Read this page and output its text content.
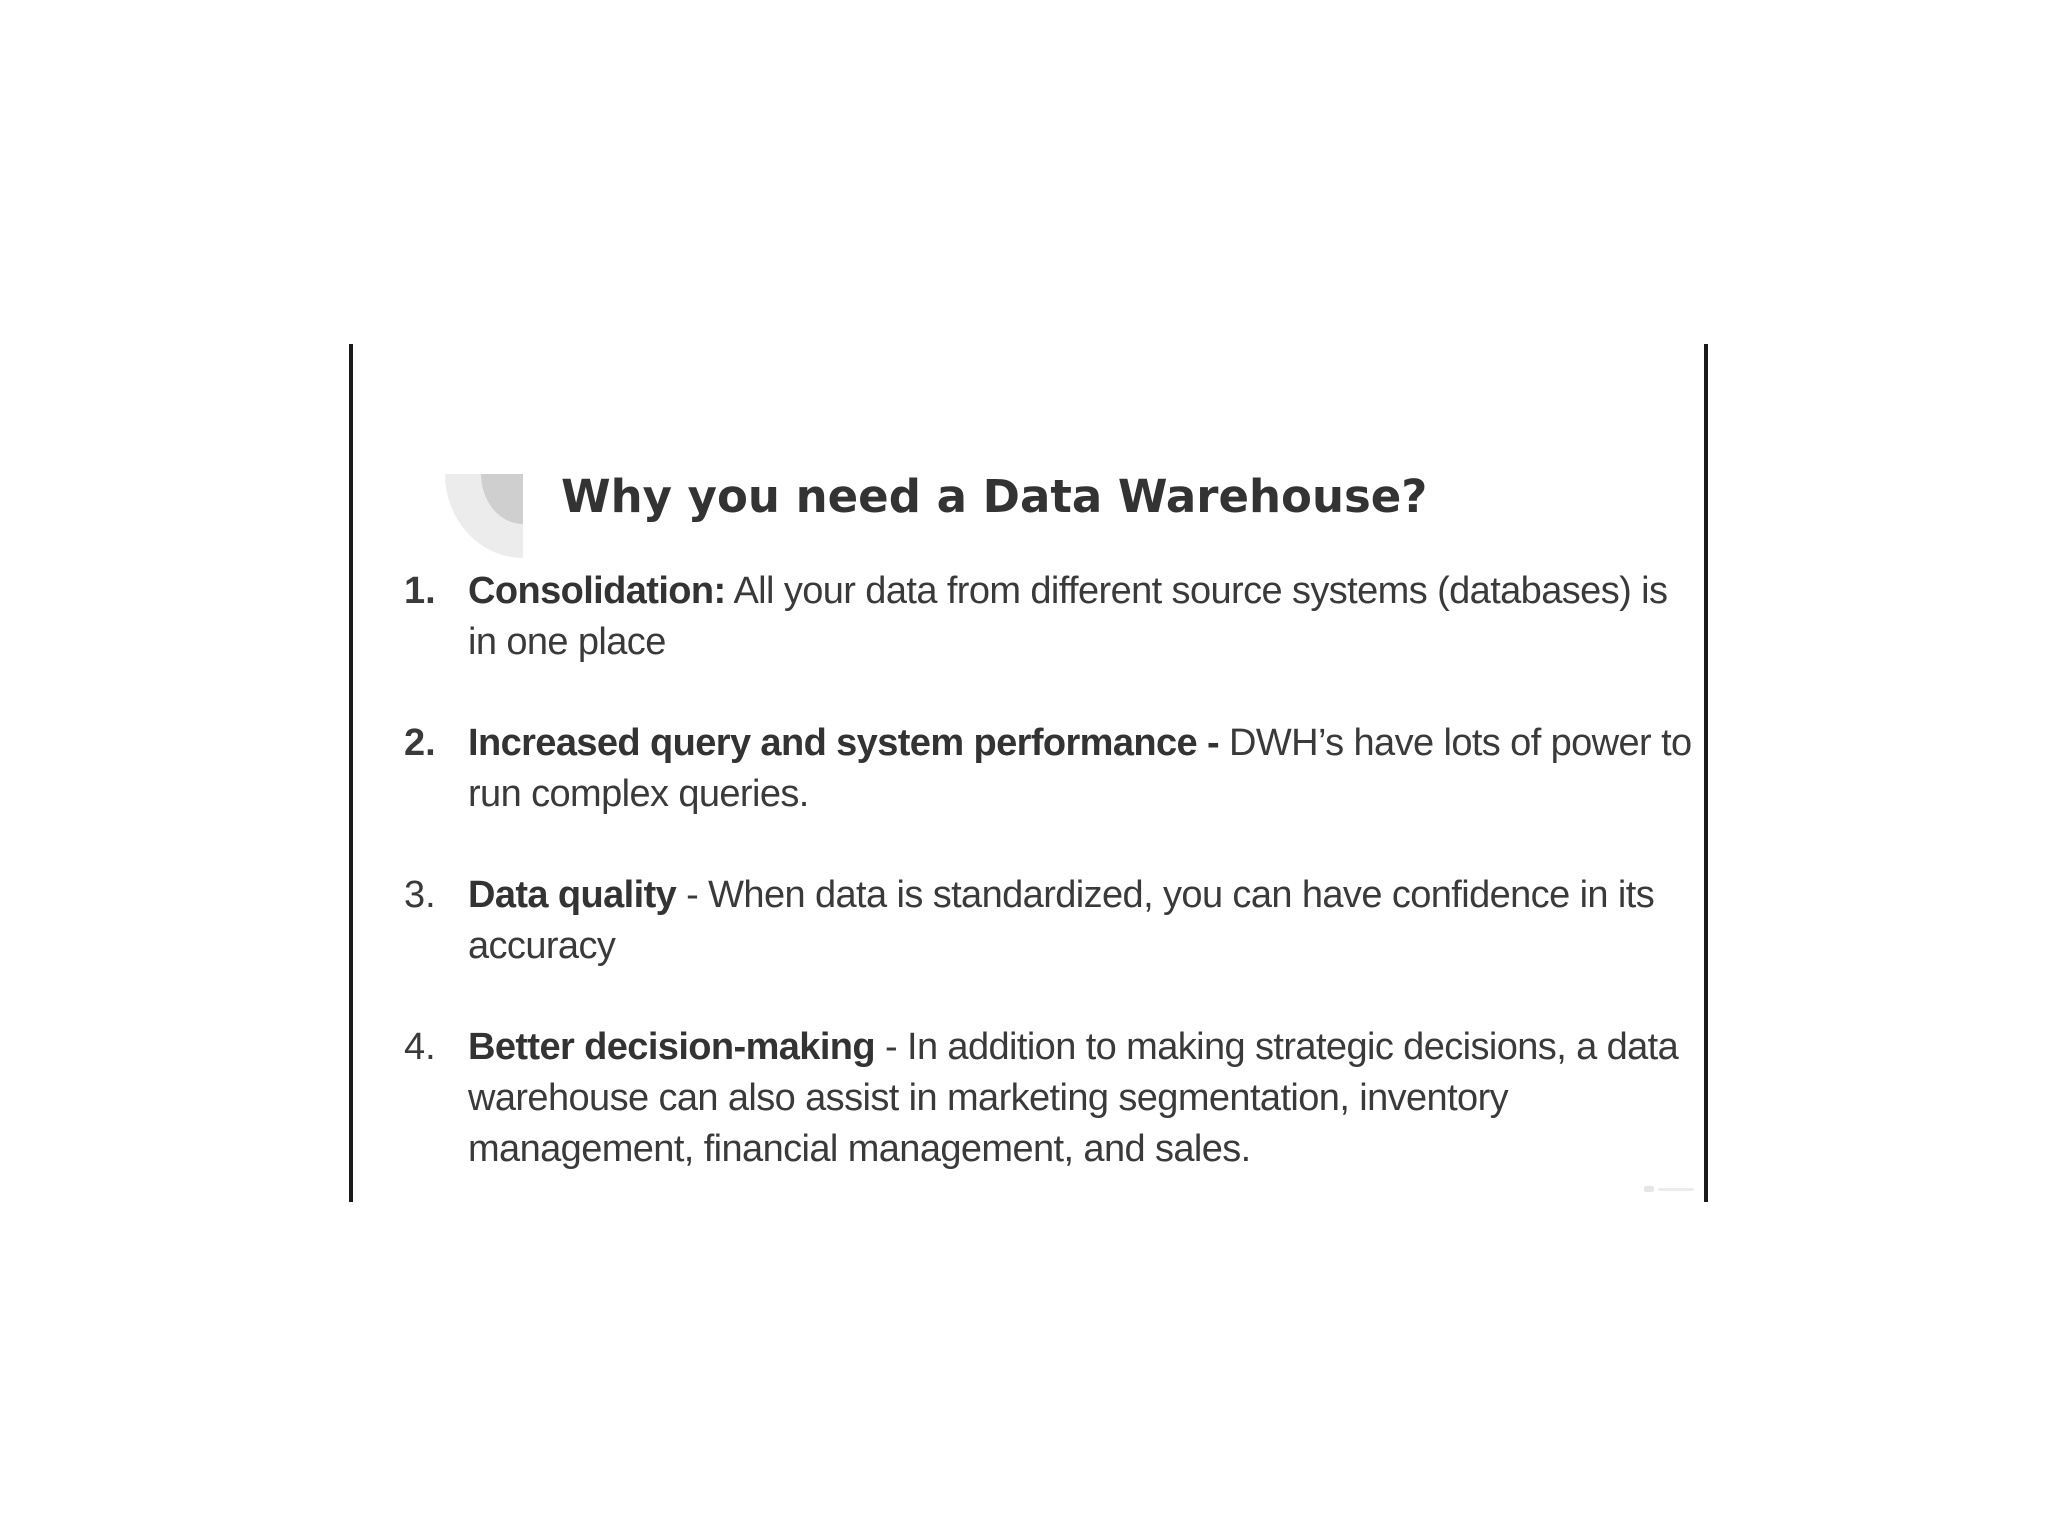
Why you need a Data Warehouse?
1. Consolidation: All your data from different source systems (databases) is in one place
2. Increased query and system performance - DWH’s have lots of power to run complex queries.
3. Data quality - When data is standardized, you can have confidence in its accuracy
4. Better decision-making - In addition to making strategic decisions, a data warehouse can also assist in marketing segmentation, inventory management, financial management, and sales.
